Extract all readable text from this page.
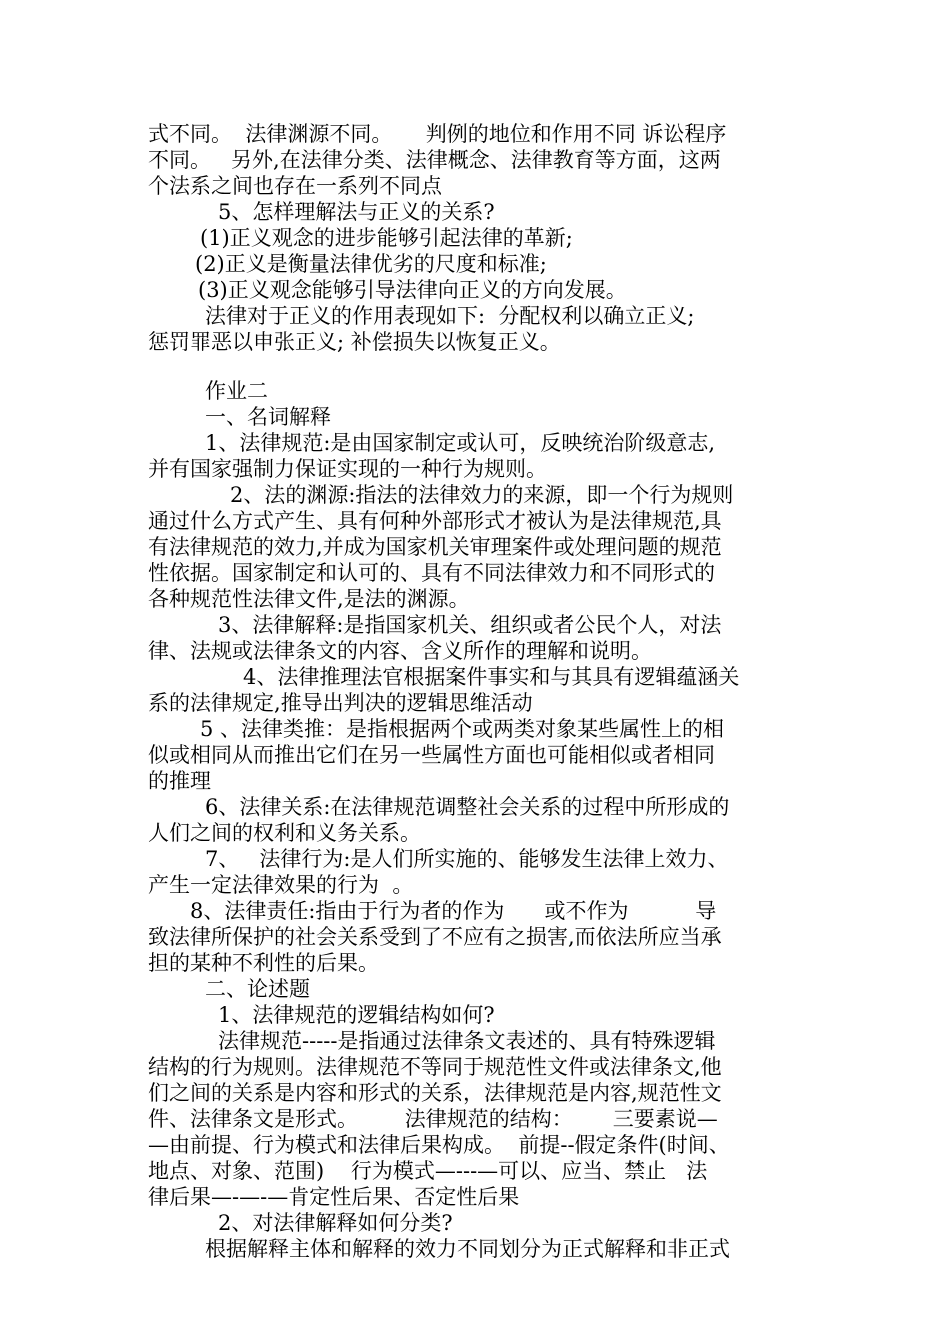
式不同。  法律渊源不同。     判例的地位和作用不同 诉讼程序
不同。   另外,在法律分类、法律概念、法律教育等方面，这两
个法系之间也存在一系列不同点
5、怎样理解法与正义的关系?
(1)正义观念的进步能够引起法律的革新;
(2)正义是衡量法律优劣的尺度和标准;
(3)正义观念能够引导法律向正义的方向发展。
法律对于正义的作用表现如下:  分配权利以确立正义;
惩罚罪恶以申张正义; 补偿损失以恢复正义。
作业二
一、名词解释
1、法律规范:是由国家制定或认可，反映统治阶级意志,
并有国家强制力保证实现的一种行为规则。
2、法的渊源:指法的法律效力的来源，即一个行为规则
通过什么方式产生、具有何种外部形式才被认为是法律规范,具
有法律规范的效力,并成为国家机关审理案件或处理问题的规范
性依据。国家制定和认可的、具有不同法律效力和不同形式的
各种规范性法律文件,是法的渊源。
3、法律解释:是指国家机关、组织或者公民个人，对法
律、法规或法律条文的内容、含义所作的理解和说明。
4、法律推理法官根据案件事实和与其具有逻辑蕴涵关
系的法律规定,推导出判决的逻辑思维活动
5 、法律类推：是指根据两个或两类对象某些属性上的相
似或相同从而推出它们在另一些属性方面也可能相似或者相同
的推理
6、法律关系:在法律规范调整社会关系的过程中所形成的
人们之间的权利和义务关系。
7、   法律行为:是人们所实施的、能够发生法律上效力、
产生一定法律效果的行为  。
8、法律责任:指由于行为者的作为      或不作为          导
致法律所保护的社会关系受到了不应有之损害,而依法所应当承
担的某种不利性的后果。
二、论述题
1、法律规范的逻辑结构如何?
法律规范-----是指通过法律条文表述的、具有特殊逻辑
结构的行为规则。法律规范不等同于规范性文件或法律条文,他
们之间的关系是内容和形式的关系，法律规范是内容,规范性文
件、法律条文是形式。       法律规范的结构：      三要素说—
—由前提、行为模式和法律后果构成。  前提--假定条件(时间、
地点、对象、范围)    行为模式—---—可以、应当、禁止   法
律后果—-—-—肯定性后果、否定性后果
2、对法律解释如何分类?
根据解释主体和解释的效力不同划分为正式解释和非正式
